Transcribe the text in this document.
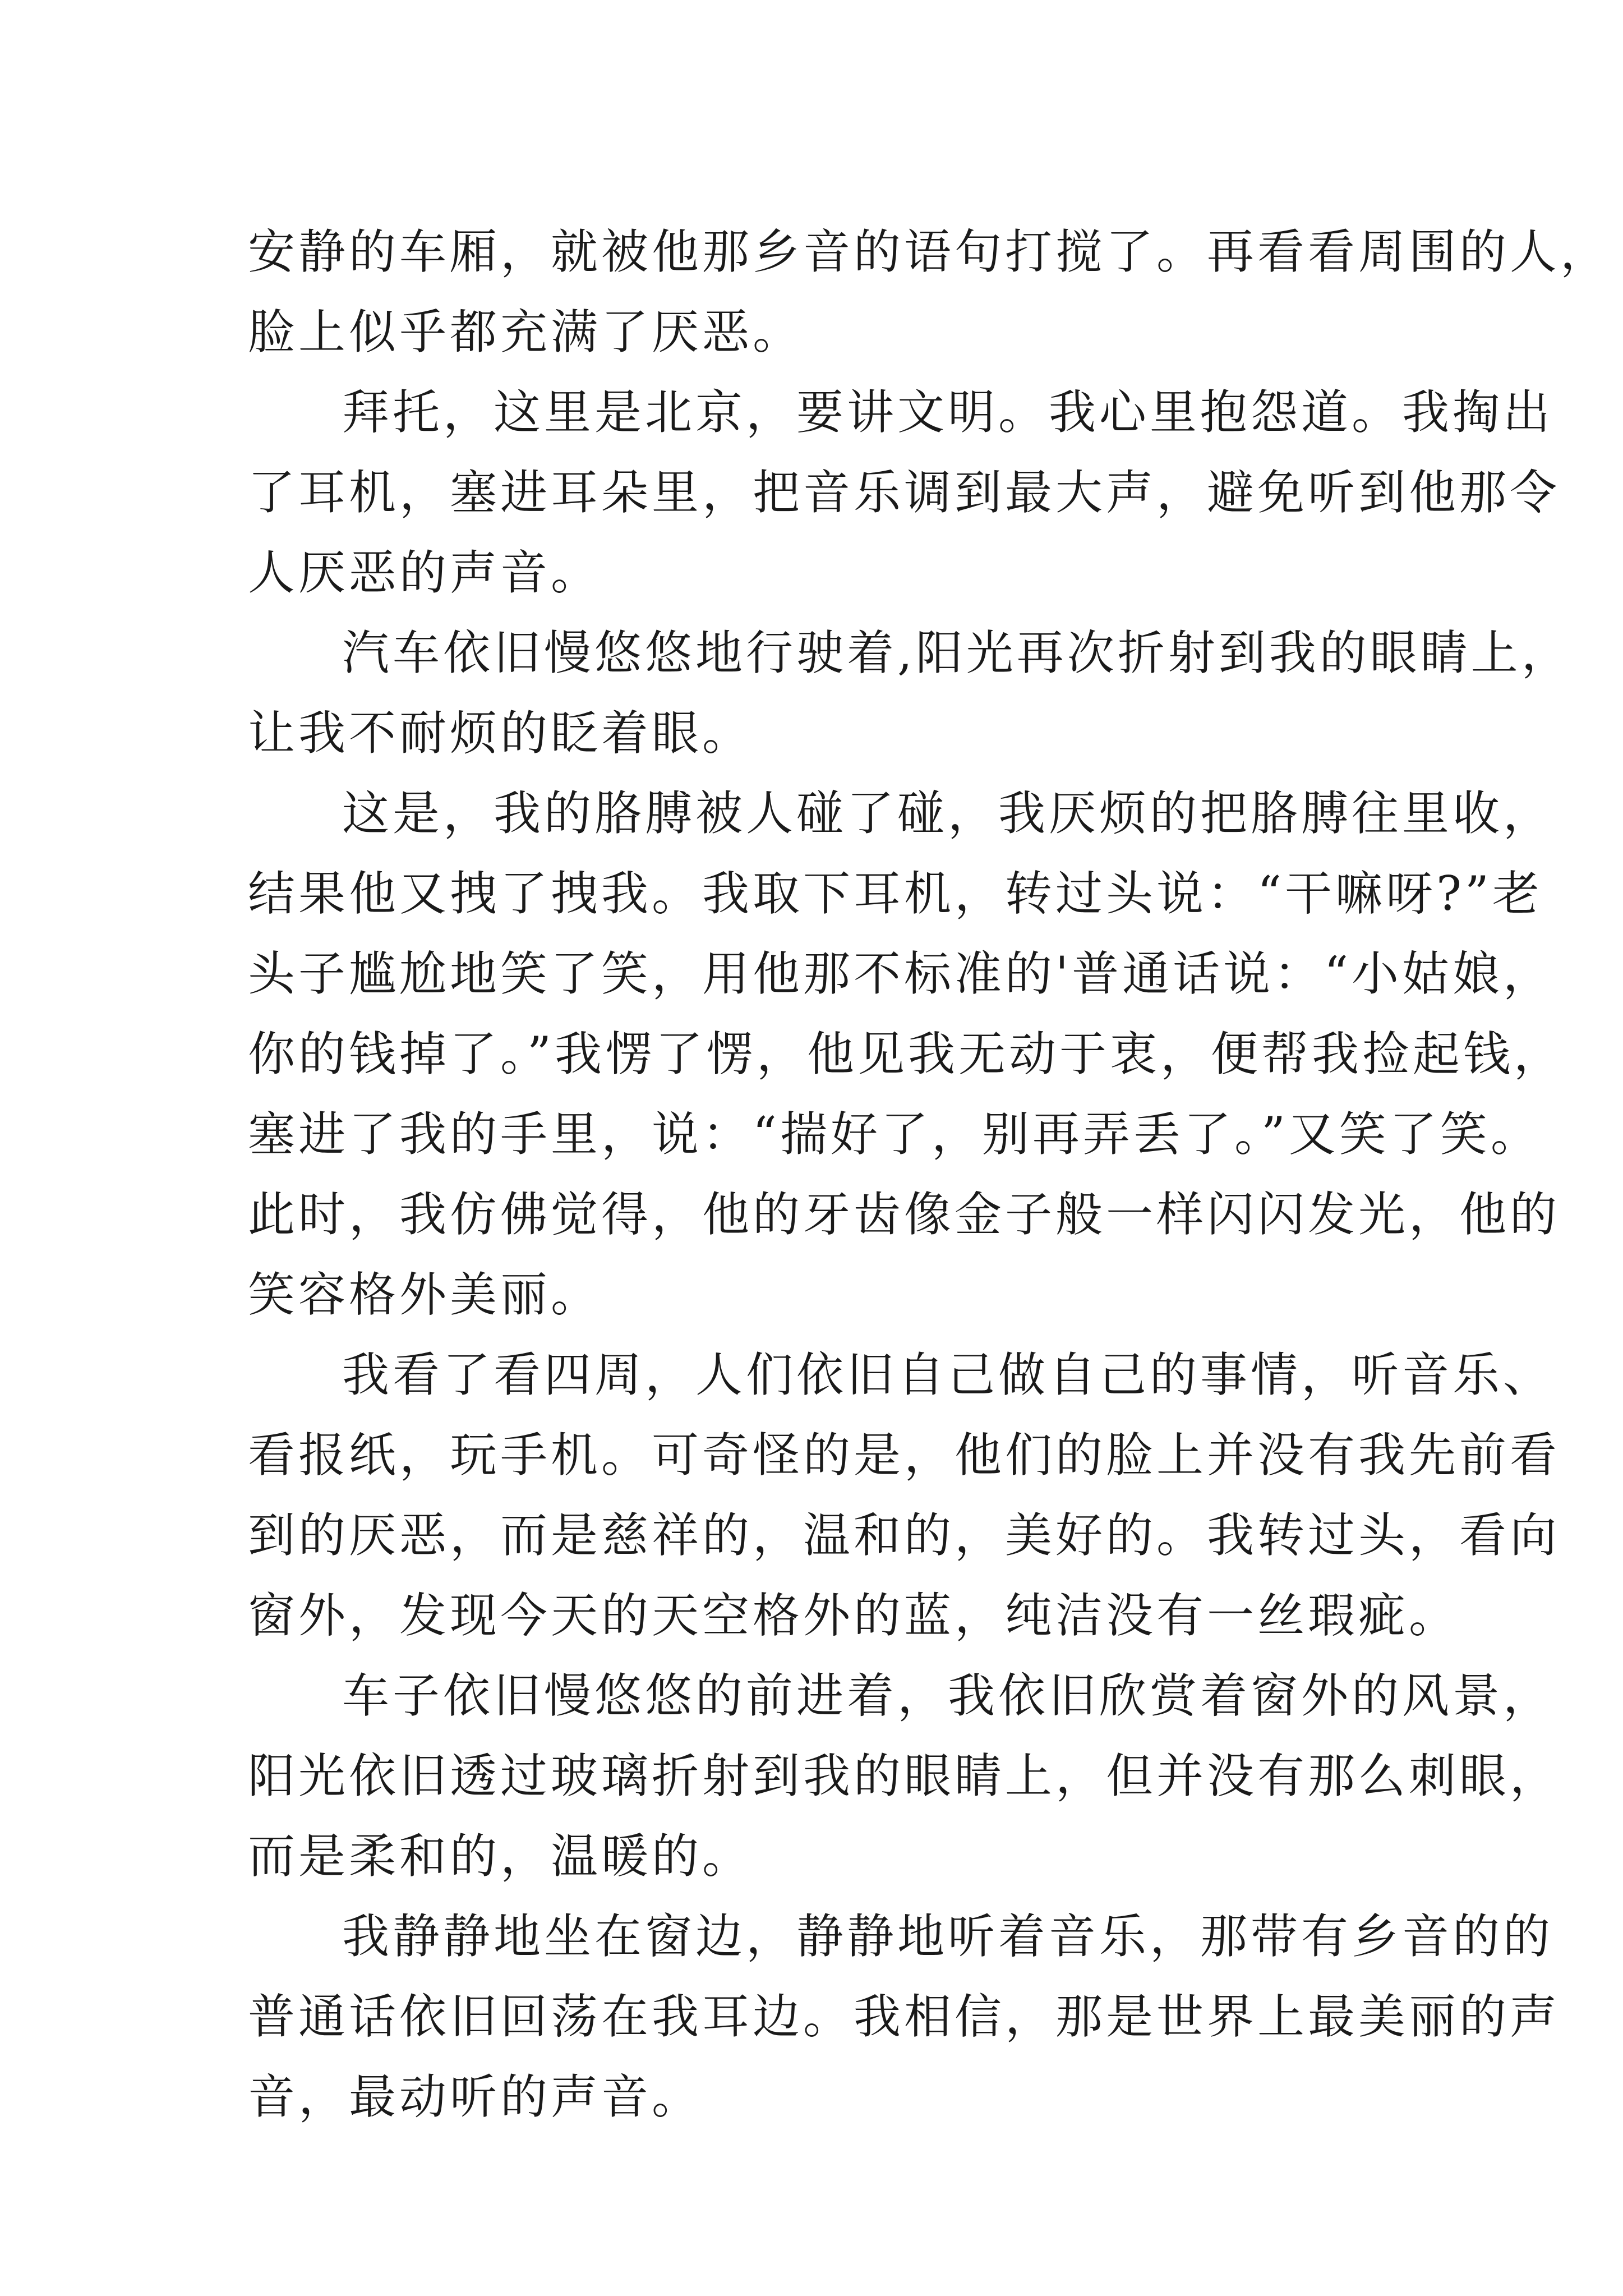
安静的车厢，就被他那乡音的语句打搅了。再看看周围的人，
脸上似乎都充满了厌恶。

拜托，这里是北京，要讲文明。我心里抱怨道。我掏出
了耳机，塞进耳朵里，把音乐调到最大声，避免听到他那令
人厌恶的声音。

汽车依旧慢悠悠地行驶着,阳光再次折射到我的眼睛上，
让我不耐烦的眨着眼。

这是，我的胳膊被人碰了碰，我厌烦的把胳膊往里收，
结果他又拽了拽我。我取下耳机，转过头说：“干嘛呀?”老
头子尴尬地笑了笑，用他那不标准的'普通话说：“小姑娘，
你的钱掉了。”我愣了愣，他见我无动于衷，便帮我捡起钱，
塞进了我的手里，说：“揣好了，别再弄丢了。”又笑了笑。
此时，我仿佛觉得，他的牙齿像金子般一样闪闪发光，他的
笑容格外美丽。

我看了看四周，人们依旧自己做自己的事情，听音乐、
看报纸，玩手机。可奇怪的是，他们的脸上并没有我先前看
到的厌恶，而是慈祥的，温和的，美好的。我转过头，看向
窗外，发现今天的天空格外的蓝，纯洁没有一丝瑕疵。

车子依旧慢悠悠的前进着，我依旧欣赏着窗外的风景，
阳光依旧透过玻璃折射到我的眼睛上，但并没有那么刺眼，
而是柔和的，温暖的。

我静静地坐在窗边，静静地听着音乐，那带有乡音的的
普通话依旧回荡在我耳边。我相信，那是世界上最美丽的声
音，最动听的声音。
